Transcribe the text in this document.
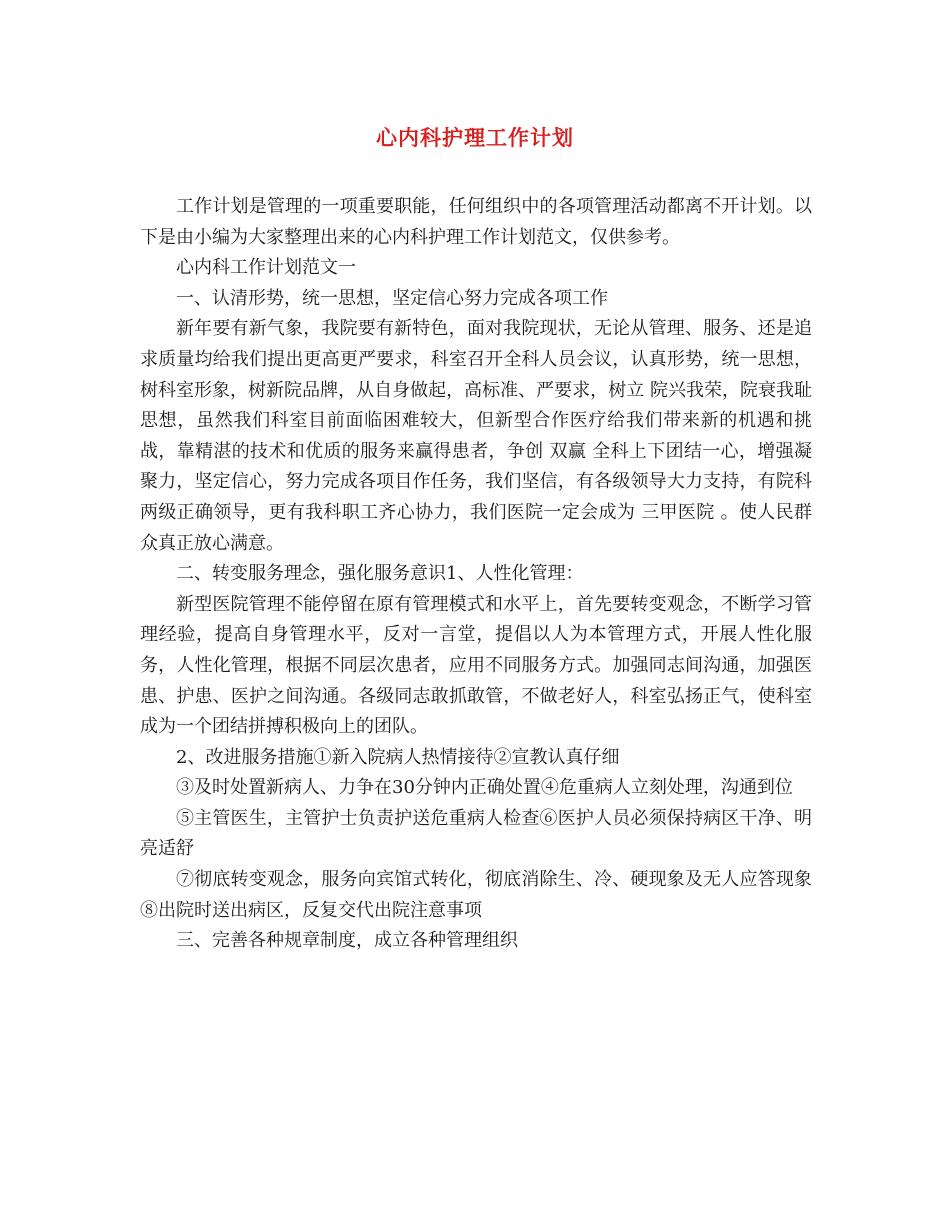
心内科护理工作计划

工作计划是管理的一项重要职能，任何组织中的各项管理活动都离不开计划。以下是由小编为大家整理出来的心内科护理工作计划范文，仅供参考。

心内科工作计划范文一

一、认清形势，统一思想，坚定信心努力完成各项工作

新年要有新气象，我院要有新特色，面对我院现状，无论从管理、服务、还是追求质量均给我们提出更高更严要求，科室召开全科人员会议，认真形势，统一思想，树科室形象，树新院品牌，从自身做起，高标准、严要求，树立 院兴我荣，院衰我耻 思想，虽然我们科室目前面临困难较大，但新型合作医疗给我们带来新的机遇和挑战，靠精湛的技术和优质的服务来赢得患者，争创 双赢 全科上下团结一心，增强凝聚力，坚定信心，努力完成各项目作任务，我们坚信，有各级领导大力支持，有院科两级正确领导，更有我科职工齐心协力，我们医院一定会成为 三甲医院 。使人民群众真正放心满意。

二、转变服务理念，强化服务意识1、人性化管理：

新型医院管理不能停留在原有管理模式和水平上，首先要转变观念，不断学习管理经验，提高自身管理水平，反对一言堂，提倡以人为本管理方式，开展人性化服务，人性化管理，根据不同层次患者，应用不同服务方式。加强同志间沟通，加强医患、护患、医护之间沟通。各级同志敢抓敢管，不做老好人，科室弘扬正气，使科室成为一个团结拼搏积极向上的团队。

2、改进服务措施①新入院病人热情接待②宣教认真仔细

③及时处置新病人、力争在30分钟内正确处置④危重病人立刻处理，沟通到位

⑤主管医生，主管护士负责护送危重病人检查⑥医护人员必须保持病区干净、明亮适舒

⑦彻底转变观念，服务向宾馆式转化，彻底消除生、冷、硬现象及无人应答现象⑧出院时送出病区，反复交代出院注意事项

三、完善各种规章制度，成立各种管理组织
